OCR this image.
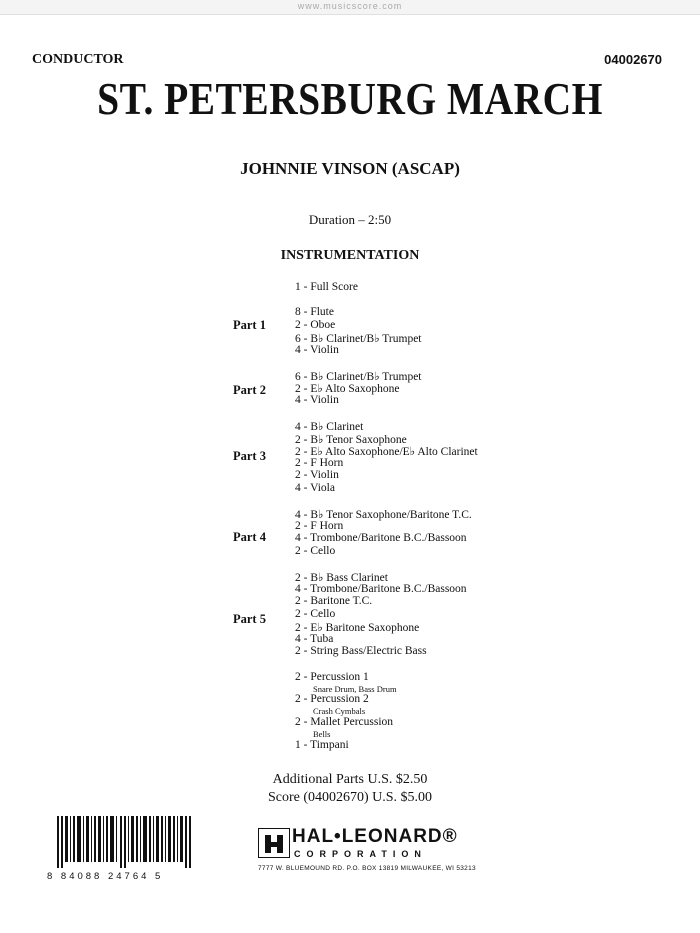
www.musicscore.com
CONDUCTOR	04002670
ST. PETERSBURG MARCH
JOHNNIE VINSON (ASCAP)
Duration – 2:50
INSTRUMENTATION
1 - Full Score
Part 1
8 - Flute
2 - Oboe
6 - B♭ Clarinet/B♭ Trumpet
4 - Violin
Part 2
6 - B♭ Clarinet/B♭ Trumpet
2 - E♭ Alto Saxophone
4 - Violin
Part 3
4 - B♭ Clarinet
2 - B♭ Tenor Saxophone
2 - E♭ Alto Saxophone/E♭ Alto Clarinet
2 - F Horn
2 - Violin
4 - Viola
Part 4
4 - B♭ Tenor Saxophone/Baritone T.C.
2 - F Horn
4 - Trombone/Baritone B.C./Bassoon
2 - Cello
Part 5
2 - B♭ Bass Clarinet
4 - Trombone/Baritone B.C./Bassoon
2 - Baritone T.C.
2 - Cello
2 - E♭ Baritone Saxophone
4 - Tuba
2 - String Bass/Electric Bass
2 - Percussion 1
Snare Drum, Bass Drum
2 - Percussion 2
Crash Cymbals
2 - Mallet Percussion
Bells
1 - Timpani
Additional Parts U.S. $2.50
Score (04002670) U.S. $5.00
8 84088 24764 5
HAL•LEONARD®
CORPORATION
7777 W. BLUEMOUND RD. P.O. BOX 13819 MILWAUKEE, WI 53213
